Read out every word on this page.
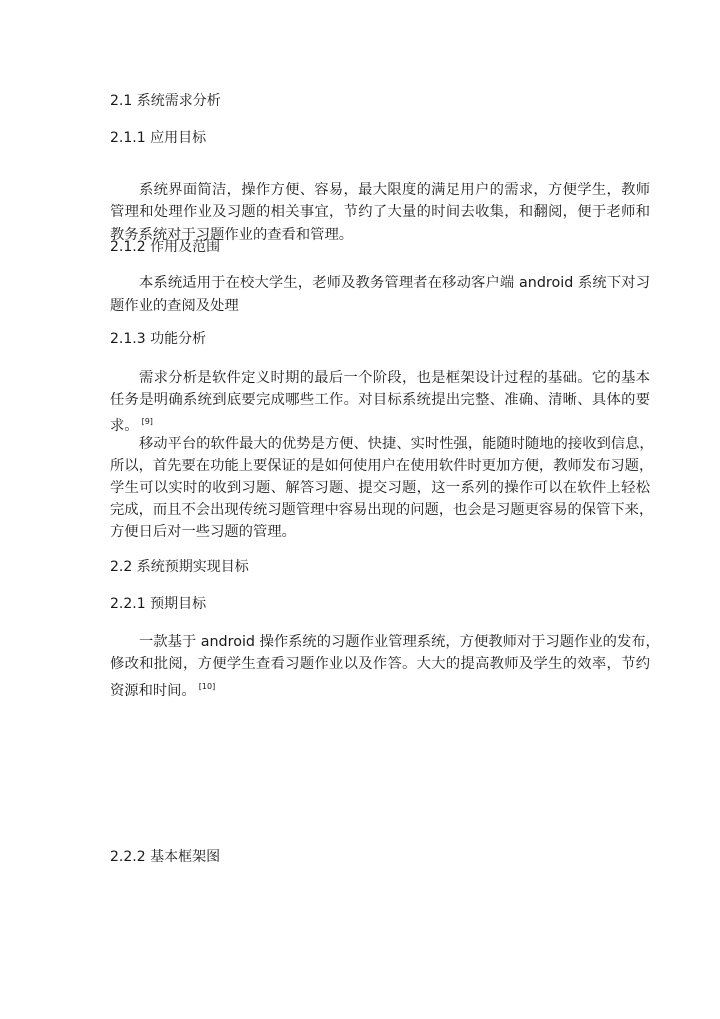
2.1 系统需求分析
2.1.1 应用目标
系统界面简洁，操作方便、容易，最大限度的满足用户的需求，方便学生，教师
管理和处理作业及习题的相关事宜，节约了大量的时间去收集，和翻阅，便于老师和
教务系统对于习题作业的查看和管理。
2.1.2 作用及范围
本系统适用于在校大学生，老师及教务管理者在移动客户端 android 系统下对习
题作业的查阅及处理
2.1.3 功能分析
需求分析是软件定义时期的最后一个阶段，也是框架设计过程的基础。它的基本
任务是明确系统到底要完成哪些工作。对目标系统提出完整、准确、清晰、具体的要
求。 [9]
移动平台的软件最大的优势是方便、快捷、实时性强，能随时随地的接收到信息，
所以，首先要在功能上要保证的是如何使用户在使用软件时更加方便，教师发布习题，
学生可以实时的收到习题、解答习题、提交习题，这一系列的操作可以在软件上轻松
完成，而且不会出现传统习题管理中容易出现的问题，也会是习题更容易的保管下来，
方便日后对一些习题的管理。
2.2 系统预期实现目标
2.2.1 预期目标
一款基于 android 操作系统的习题作业管理系统，方便教师对于习题作业的发布，
修改和批阅，方便学生查看习题作业以及作答。大大的提高教师及学生的效率，节约
资源和时间。 [10]
2.2.2 基本框架图
